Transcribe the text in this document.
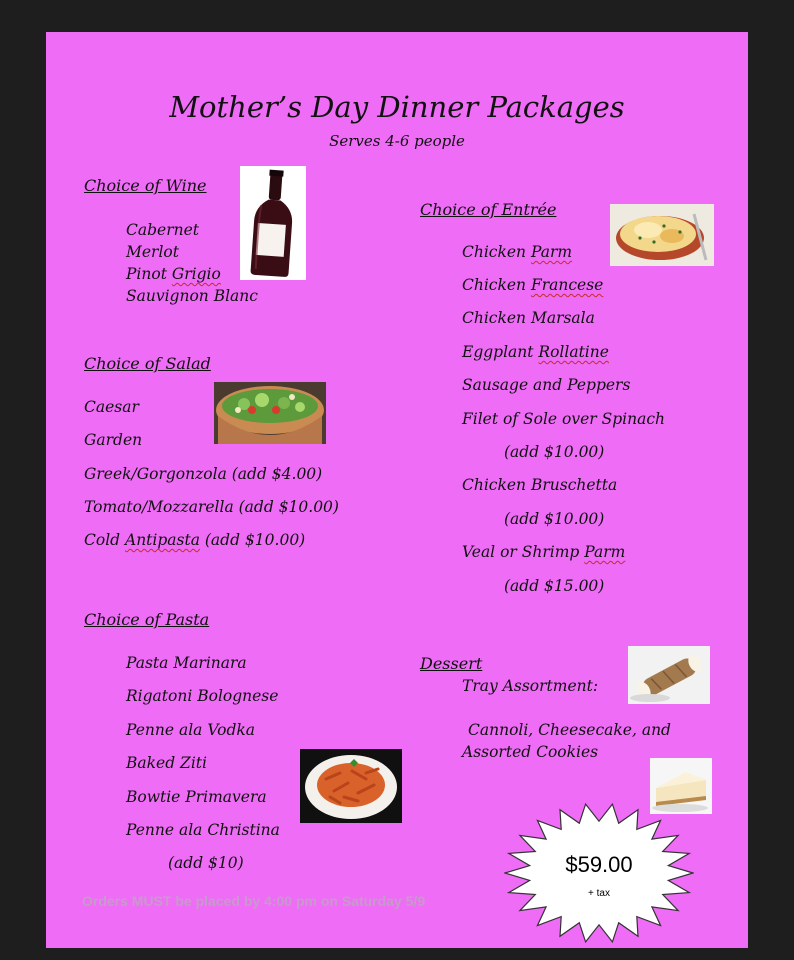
Mother’s Day Dinner Packages
Serves 4-6 people
Choice of Wine
Cabernet
Merlot
Pinot Grigio
Sauvignon Blanc
Choice of Salad
Caesar
Garden
Greek/Gorgonzola (add $4.00)
Tomato/Mozzarella (add $10.00)
Cold Antipasta (add $10.00)
Choice of Pasta
Pasta Marinara
Rigatoni Bolognese
Penne ala Vodka
Baked Ziti
Bowtie Primavera
Penne ala Christina
(add $10)
Choice of Entrée
Chicken Parm
Chicken Francese
Chicken Marsala
Eggplant Rollatine
Sausage and Peppers
Filet of Sole over Spinach
(add $10.00)
Chicken Bruschetta
(add $10.00)
Veal or Shrimp Parm
(add $15.00)
Dessert
Tray Assortment:
Cannoli, Cheesecake, and
Assorted Cookies
$59.00
+ tax
Orders MUST be placed by 4:00 pm on Saturday 5/9
